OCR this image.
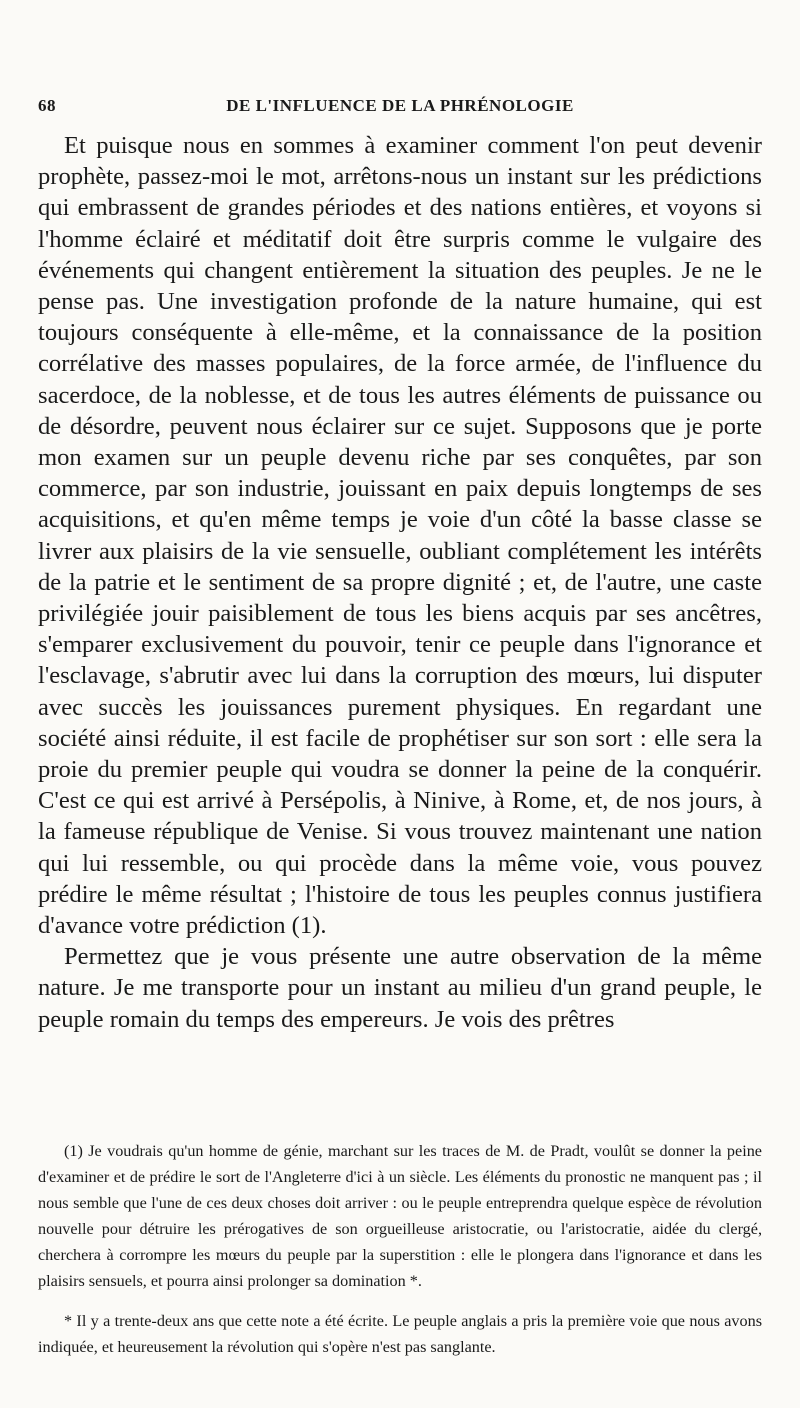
68	DE L'INFLUENCE DE LA PHRÉNOLOGIE

Et puisque nous en sommes à examiner comment l'on peut devenir prophète, passez-moi le mot, arrêtons-nous un instant sur les prédictions qui embrassent de grandes périodes et des nations entières, et voyons si l'homme éclairé et méditatif doit être surpris comme le vulgaire des événements qui changent entièrement la situation des peuples. Je ne le pense pas. Une investigation profonde de la nature humaine, qui est toujours conséquente à elle-même, et la connaissance de la position corrélative des masses populaires, de la force armée, de l'influence du sacerdoce, de la noblesse, et de tous les autres éléments de puissance ou de désordre, peuvent nous éclairer sur ce sujet. Supposons que je porte mon examen sur un peuple devenu riche par ses conquêtes, par son commerce, par son industrie, jouissant en paix depuis longtemps de ses acquisitions, et qu'en même temps je voie d'un côté la basse classe se livrer aux plaisirs de la vie sensuelle, oubliant complétement les intérêts de la patrie et le sentiment de sa propre dignité ; et, de l'autre, une caste privilégiée jouir paisiblement de tous les biens acquis par ses ancêtres, s'emparer exclusivement du pouvoir, tenir ce peuple dans l'ignorance et l'esclavage, s'abrutir avec lui dans la corruption des mœurs, lui disputer avec succès les jouissances purement physiques. En regardant une société ainsi réduite, il est facile de prophétiser sur son sort : elle sera la proie du premier peuple qui voudra se donner la peine de la conquérir. C'est ce qui est arrivé à Persépolis, à Ninive, à Rome, et, de nos jours, à la fameuse république de Venise. Si vous trouvez maintenant une nation qui lui ressemble, ou qui procède dans la même voie, vous pouvez prédire le même résultat ; l'histoire de tous les peuples connus justifiera d'avance votre prédiction (1).

Permettez que je vous présente une autre observation de la même nature. Je me transporte pour un instant au milieu d'un grand peuple, le peuple romain du temps des empereurs. Je vois des prêtres

(1) Je voudrais qu'un homme de génie, marchant sur les traces de M. de Pradt, voulût se donner la peine d'examiner et de prédire le sort de l'Angleterre d'ici à un siècle. Les éléments du pronostic ne manquent pas ; il nous semble que l'une de ces deux choses doit arriver : ou le peuple entreprendra quelque espèce de révolution nouvelle pour détruire les prérogatives de son orgueilleuse aristocratie, ou l'aristocratie, aidée du clergé, cherchera à corrompre les mœurs du peuple par la superstition : elle le plongera dans l'ignorance et dans les plaisirs sensuels, et pourra ainsi prolonger sa domination *.

* Il y a trente-deux ans que cette note a été écrite. Le peuple anglais a pris la première voie que nous avons indiquée, et heureusement la révolution qui s'opère n'est pas sanglante.
